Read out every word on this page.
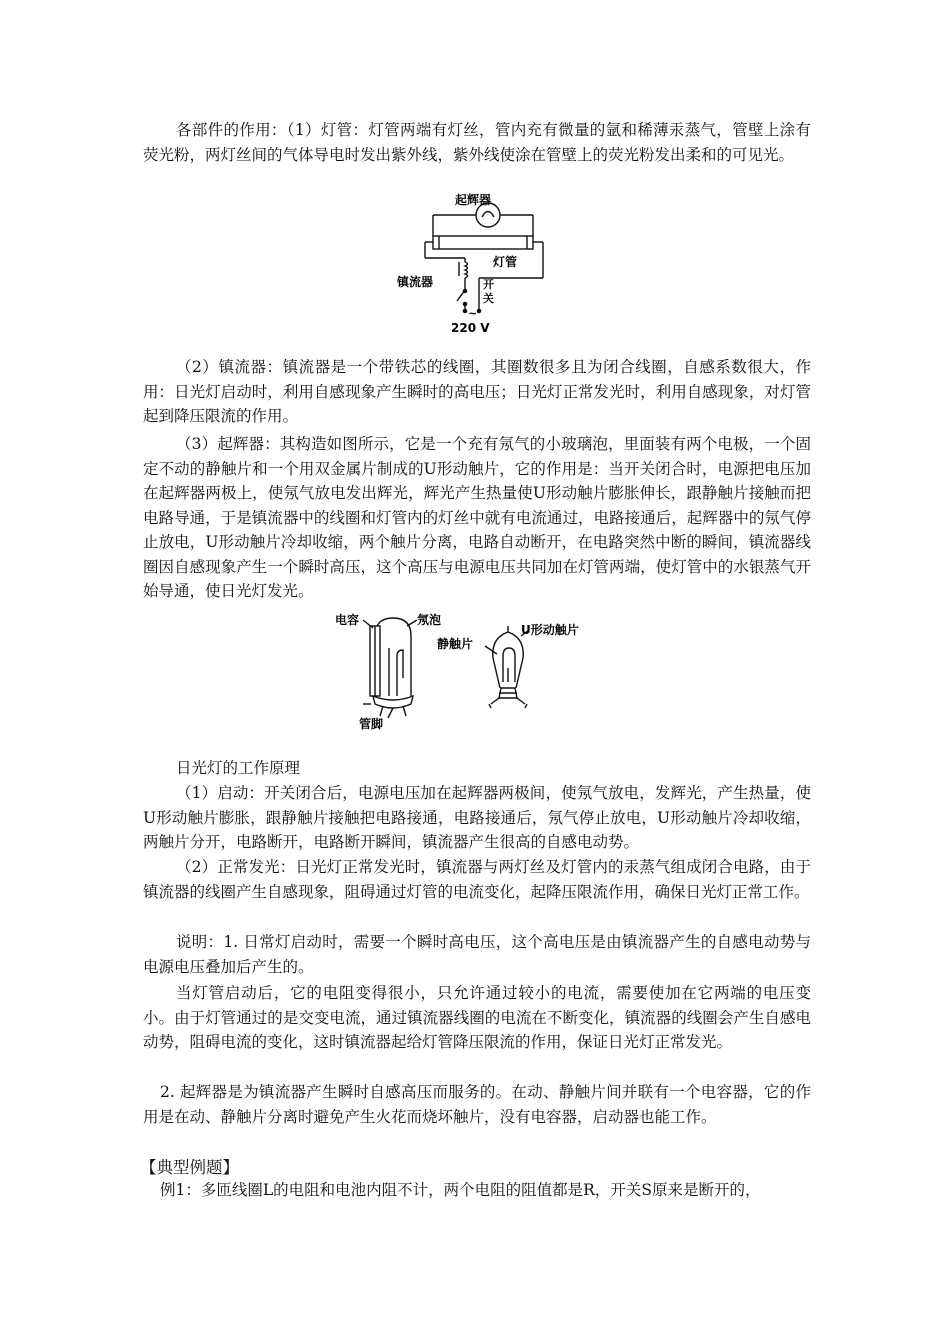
各部件的作用：（1）灯管：灯管两端有灯丝，管内充有微量的氩和稀薄汞蒸气，管壁上涂有荧光粉，两灯丝间的气体导电时发出紫外线，紫外线使涂在管壁上的荧光粉发出柔和的可见光。

起辉器
灯管
镇流器	开
关
~
220 V

（2）镇流器：镇流器是一个带铁芯的线圈，其圈数很多且为闭合线圈，自感系数很大，作用：日光灯启动时，利用自感现象产生瞬时的高电压；日光灯正常发光时，利用自感现象，对灯管起到降压限流的作用。

（3）起辉器：其构造如图所示，它是一个充有氖气的小玻璃泡，里面装有两个电极，一个固定不动的静触片和一个用双金属片制成的U形动触片，它的作用是：当开关闭合时，电源把电压加在起辉器两极上，使氖气放电发出辉光，辉光产生热量使U形动触片膨胀伸长，跟静触片接触而把电路导通，于是镇流器中的线圈和灯管内的灯丝中就有电流通过，电路接通后，起辉器中的氖气停止放电，U形动触片冷却收缩，两个触片分离，电路自动断开，在电路突然中断的瞬间，镇流器线圈因自感现象产生一个瞬时高压，这个高压与电源电压共同加在灯管两端，使灯管中的水银蒸气开始导通，使日光灯发光。

电容	氖泡
管脚
静触片
U形动触片

日光灯的工作原理

（1）启动：开关闭合后，电源电压加在起辉器两极间，使氖气放电，发辉光，产生热量，使U形动触片膨胀，跟静触片接触把电路接通，电路接通后，氖气停止放电，U形动触片冷却收缩，两触片分开，电路断开，电路断开瞬间，镇流器产生很高的自感电动势。

（2）正常发光：日光灯正常发光时，镇流器与两灯丝及灯管内的汞蒸气组成闭合电路，由于镇流器的线圈产生自感现象，阻碍通过灯管的电流变化，起降压限流作用，确保日光灯正常工作。

说明：1. 日常灯启动时，需要一个瞬时高电压，这个高电压是由镇流器产生的自感电动势与电源电压叠加后产生的。

当灯管启动后，它的电阻变得很小，只允许通过较小的电流，需要使加在它两端的电压变小。由于灯管通过的是交变电流，通过镇流器线圈的电流在不断变化，镇流器的线圈会产生自感电动势，阻碍电流的变化，这时镇流器起给灯管降压限流的作用，保证日光灯正常发光。

2. 起辉器是为镇流器产生瞬时自感高压而服务的。在动、静触片间并联有一个电容器，它的作用是在动、静触片分离时避免产生火花而烧坏触片，没有电容器，启动器也能工作。

【典型例题】

例1：多匝线圈L的电阻和电池内阻不计，两个电阻的阻值都是R，开关S原来是断开的，
